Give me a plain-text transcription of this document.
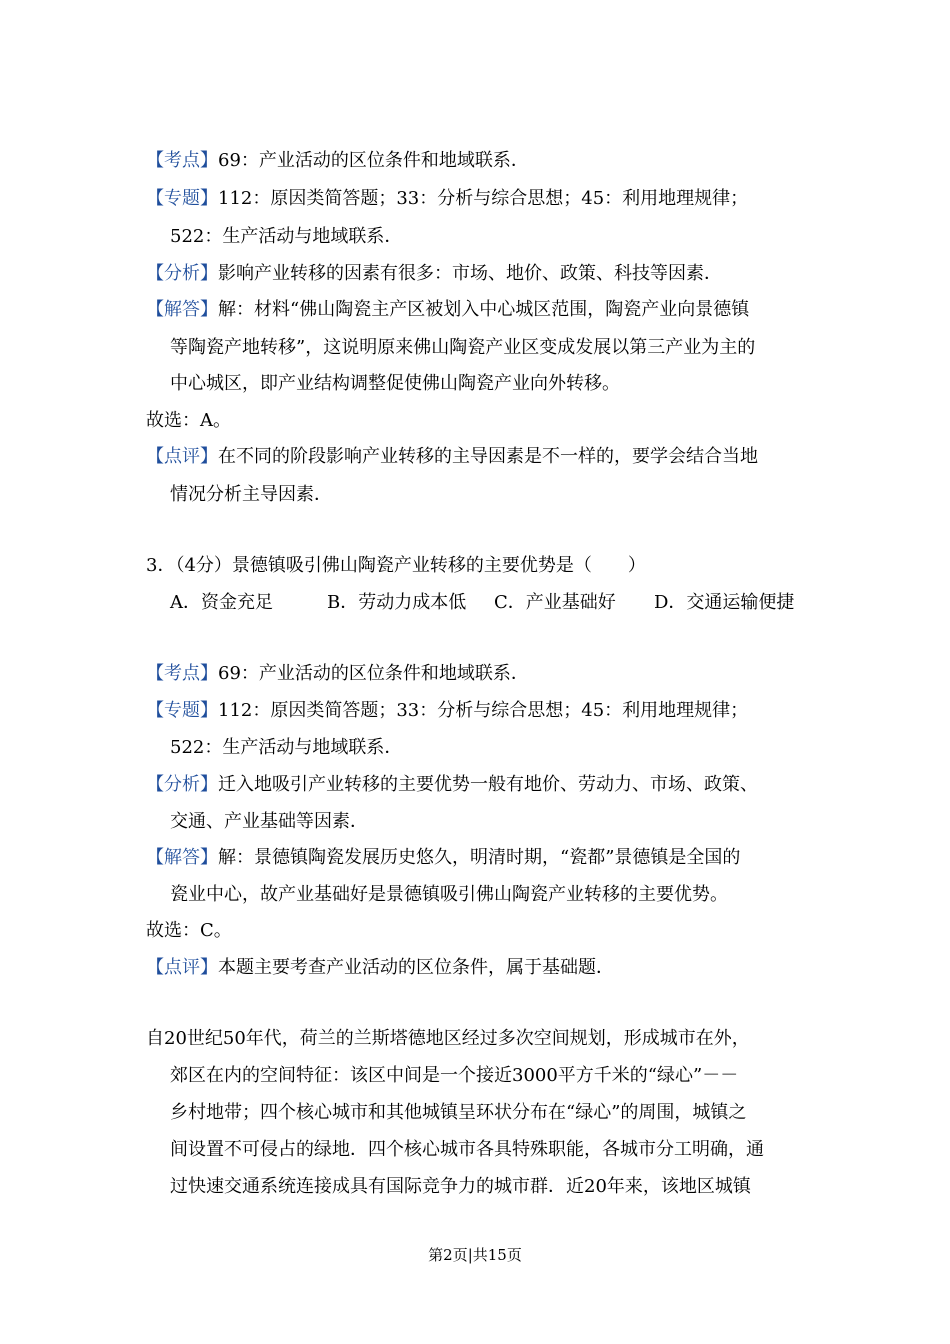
【考点】69：产业活动的区位条件和地域联系．
【专题】112：原因类简答题；33：分析与综合思想；45：利用地理规律；
522：生产活动与地域联系．
【分析】影响产业转移的因素有很多：市场、地价、政策、科技等因素．
【解答】解：材料“佛山陶瓷主产区被划入中心城区范围，陶瓷产业向景德镇
等陶瓷产地转移”，这说明原来佛山陶瓷产业区变成发展以第三产业为主的
中心城区，即产业结构调整促使佛山陶瓷产业向外转移。
故选：A。
【点评】在不同的阶段影响产业转移的主导因素是不一样的，要学会结合当地
情况分析主导因素．
3．（4分）景德镇吸引佛山陶瓷产业转移的主要优势是（　　）
A．资金充足	B．劳动力成本低 C．产业基础好 D．交通运输便捷
【考点】69：产业活动的区位条件和地域联系．
【专题】112：原因类简答题；33：分析与综合思想；45：利用地理规律；
522：生产活动与地域联系．
【分析】迁入地吸引产业转移的主要优势一般有地价、劳动力、市场、政策、
交通、产业基础等因素．
【解答】解：景德镇陶瓷发展历史悠久，明清时期，“瓷都”景德镇是全国的
瓷业中心，故产业基础好是景德镇吸引佛山陶瓷产业转移的主要优势。
故选：C。
【点评】本题主要考查产业活动的区位条件，属于基础题．
自20世纪50年代，荷兰的兰斯塔德地区经过多次空间规划，形成城市在外，
郊区在内的空间特征：该区中间是一个接近3000平方千米的“绿心”－－
乡村地带；四个核心城市和其他城镇呈环状分布在“绿心”的周围，城镇之
间设置不可侵占的绿地．四个核心城市各具特殊职能，各城市分工明确，通
过快速交通系统连接成具有国际竞争力的城市群．近20年来，该地区城镇
第2页|共15页
